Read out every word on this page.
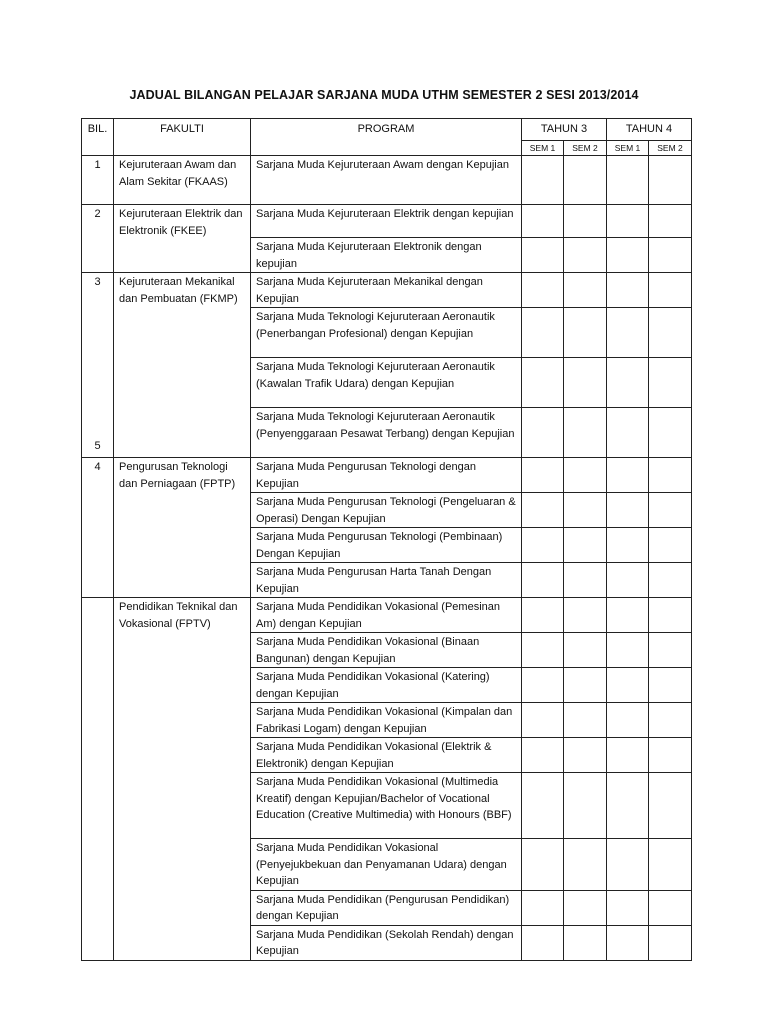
JADUAL BILANGAN PELAJAR SARJANA MUDA UTHM SEMESTER 2 SESI 2013/2014
BIL.	FAKULTI	PROGRAM	TAHUN 3		TAHUN 4	
			SEM 1	SEM 2	SEM 1	SEM 2
1	Kejuruteraan Awam dan Alam Sekitar (FKAAS)	Sarjana Muda Kejuruteraan Awam dengan Kepujian				
2	Kejuruteraan Elektrik dan Elektronik (FKEE)	Sarjana Muda Kejuruteraan Elektrik dengan kepujian				
		Sarjana Muda Kejuruteraan Elektronik dengan kepujian				
3	Kejuruteraan Mekanikal dan Pembuatan (FKMP)	Sarjana Muda Kejuruteraan Mekanikal dengan Kepujian				
		Sarjana Muda Teknologi Kejuruteraan Aeronautik (Penerbangan Profesional) dengan Kepujian				
		Sarjana Muda Teknologi Kejuruteraan Aeronautik (Kawalan Trafik Udara) dengan Kepujian				
		Sarjana Muda Teknologi Kejuruteraan Aeronautik (Penyenggaraan Pesawat Terbang) dengan Kepujian				
4	Pengurusan Teknologi dan Perniagaan (FPTP)	Sarjana Muda Pengurusan Teknologi dengan Kepujian				
		Sarjana Muda Pengurusan Teknologi (Pengeluaran & Operasi) Dengan Kepujian				
		Sarjana Muda Pengurusan Teknologi (Pembinaan) Dengan Kepujian				
		Sarjana Muda Pengurusan Harta Tanah Dengan Kepujian				
5	Pendidikan Teknikal dan Vokasional (FPTV)	Sarjana Muda Pendidikan Vokasional (Pemesinan Am) dengan Kepujian				
		Sarjana Muda Pendidikan Vokasional (Binaan Bangunan) dengan Kepujian				
		Sarjana Muda Pendidikan Vokasional (Katering) dengan Kepujian				
		Sarjana Muda Pendidikan Vokasional (Kimpalan dan Fabrikasi Logam) dengan Kepujian				
		Sarjana Muda Pendidikan Vokasional (Elektrik & Elektronik) dengan Kepujian				
		Sarjana Muda Pendidikan Vokasional (Multimedia Kreatif) dengan Kepujian/Bachelor of Vocational Education (Creative Multimedia) with Honours (BBF)				
		Sarjana Muda Pendidikan Vokasional (Penyejukbekuan dan Penyamanan Udara) dengan Kepujian				
		Sarjana Muda Pendidikan (Pengurusan Pendidikan) dengan Kepujian				
		Sarjana Muda Pendidikan (Sekolah Rendah) dengan Kepujian				
